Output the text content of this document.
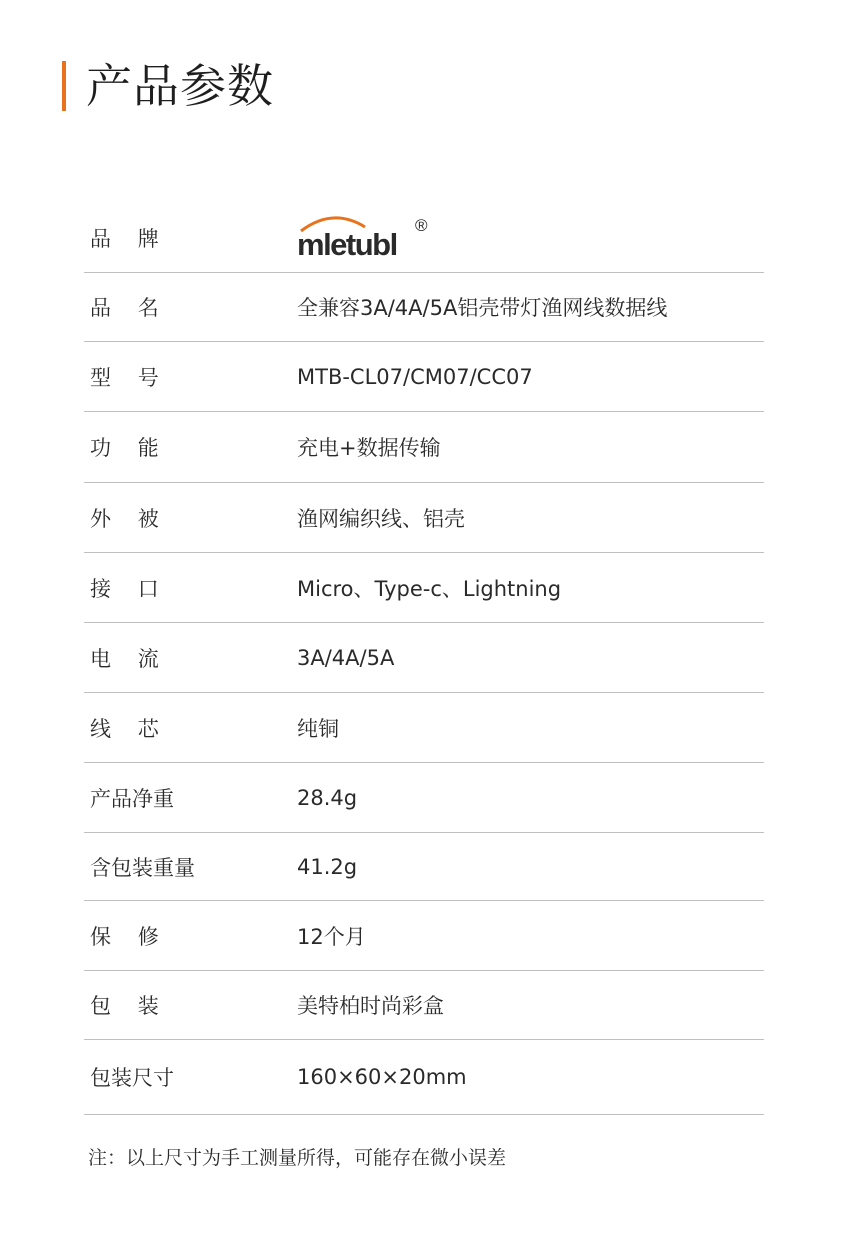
产品参数
品    牌	mletubl
®
品    名	全兼容3A/4A/5A铝壳带灯渔网线数据线
型    号	MTB-CL07/CM07/CC07
功    能	充电+数据传输
外    被	渔网编织线、铝壳
接    口	Micro、Type-c、Lightning
电    流	3A/4A/5A
线    芯	纯铜
产品净重	28.4g
含包装重量	41.2g
保    修	12个月
包    装	美特柏时尚彩盒
包装尺寸	160×60×20mm
注：以上尺寸为手工测量所得，可能存在微小误差
